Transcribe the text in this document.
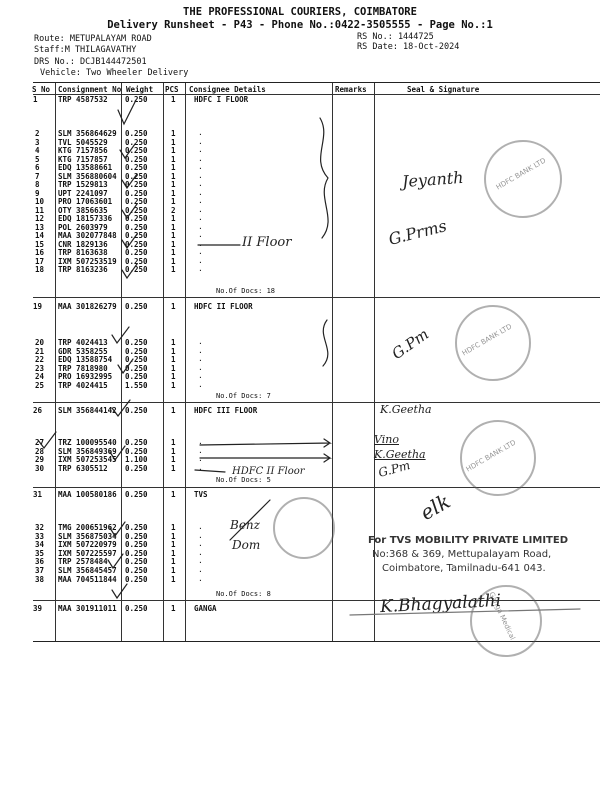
THE PROFESSIONAL COURIERS, COIMBATORE
Delivery Runsheet - P43 - Phone No.:0422-3505555 - Page No.:1
Route: METUPALAYAM ROAD
Staff:M THILAGAVATHY
DRS No.: DCJB144472501
Vehicle: Two Wheeler Delivery
RS No.: 1444725
RS Date: 18-Oct-2024
S No Consignment No Weight PCS Consignee Details	Remarks	Seal & Signature
1	TRP 4587532 0.250	1 HDFC I FLOOR
2 SLM 356864629 0.250	1	.
3 TVL 5045529 0.250	1	.
4 KTG 7157856 0.250	1	.
5 KTG 7157857 0.250	1	.
6 EDQ 13588661 0.250	1	.
7 SLM 356880604 0.250	1	.
8 TRP 1529813 0.250	1	.
9 UPT 2241097 0.250	1	.
10 PRO 17063601 0.250	1	.
11 OTY 3856635 0.250	2	.
12 EDQ 18157336 0.250	1	.
13 POL 2603979 0.250	1	.
14 MAA 302077848 0.250	1	.
15 CNR 1829136 0.250	1	.
16 TRP 8163638 0.250	1	.
17 IXM 507253519 0.250	1	.
18 TRP 8163236 0.250	1	.
No.Of Docs: 18
19 MAA 301826279 0.250	1 HDFC II FLOOR
20 TRP 4024413 0.250	1	.
21 GDR 5358255 0.250	1	.
22 EDQ 13588754 0.250	1	.
23 TRP 7818980 0.250	1	.
24 PRO 16932995 0.250	1	.
25 TRP 4024415 1.550	1	.
No.Of Docs: 7
26 SLM 356844142 0.250	1 HDFC III FLOOR
27 TRZ 100095540 0.250	1	.
28 SLM 356849369 0.250	1	.
29 IXM 507253545 1.100	1	.
30 TRP 6305512 0.250	1	.
No.Of Docs: 5
31 MAA 100580186 0.250	1 TVS
32 TMG 200651962 0.250	1	.
33 SLM 356875034 0.250	1	.
34 IXM 507220979 0.250	1	.
35 IXM 507225597 0.250	1	.
36 TRP 2578484 0.250	1	.
37 SLM 356845457 0.250	1	.
38 MAA 704511844 0.250	1	.
No.Of Docs: 8
39 MAA 301911011 0.250	1 GANGA
HDFC BANK LTD
HDFC BANK LTD
HDFC BANK LTD
Ganga Medical
For TVS MOBILITY PRIVATE LIMITED
No:368 & 369, Mettupalayam Road,
Coimbatore, Tamilnadu-641 043.
Jeyanth
G.Prms
II Floor
G.Pm
K.Geetha
Vino
K.Geetha
G.Pm
HDFC II Floor
Benz
Dom
elk
K.Bhagyalathi
